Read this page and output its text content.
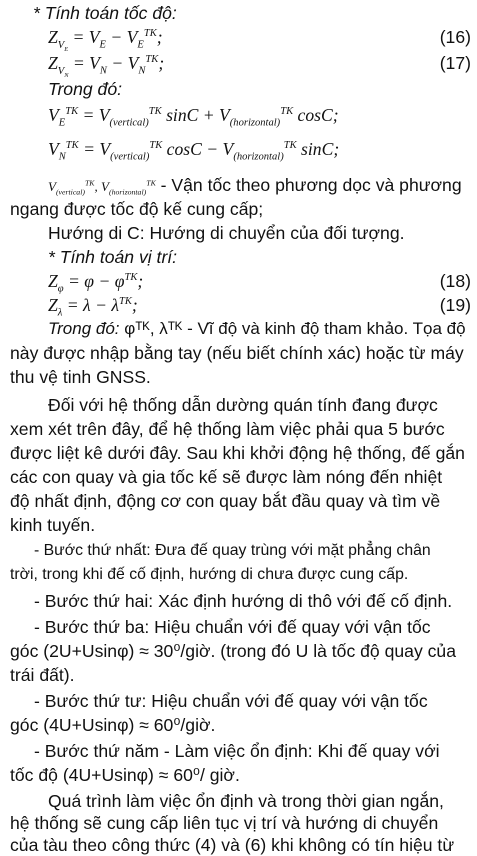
* Tính toán tốc độ:
$Z_{V_E} = V_E - V_E^{TK}$;	(16)
$Z_{V_N} = V_N - V_N^{TK}$;	(17)
Trong đó:
$V_E^{TK} = V_{(vertical)}^{TK}$ $\sin C + V_{(horizontal)}^{TK}$ cosC;
$V_N^{TK} = V_{(vertical)}^{TK}$ $\cos C - V_{(horizontal)}^{TK}$ sinC;
$V_{(vertical)}^{TK}$, $V_{(horizontal)}^{TK}$ - Vận tốc theo phương dọc và phương
ngang được tốc độ kế cung cấp;
Hướng di C: Hướng di chuyển của đối tượng.
* Tính toán vị trí:
$Z_\varphi = \varphi - \varphi^{TK}$;	(18)
$Z_\lambda = \lambda - \lambda^{TK}$;	(19)
Trong đó: φᵀᴷ, λᵀᴷ - Vĩ độ và kinh độ tham khảo. Tọa độ
này được nhập bằng tay (nếu biết chính xác) hoặc từ máy
thu vệ tinh GNSS.
Đối với hệ thống dẫn dường quán tính đang được
xem xét trên đây, để hệ thống làm việc phải qua 5 bước
được liệt kê dưới đây. Sau khi khởi động hệ thống, đế gắn
các con quay và gia tốc kế sẽ được làm nóng đến nhiệt
độ nhất định, động cơ con quay bắt đầu quay và tìm về
kinh tuyến.
- Bước thứ nhất: Đưa đế quay trùng với mặt phẳng chân
trời, trong khi đế cố định, hướng di chưa được cung cấp.
- Bước thứ hai: Xác định hướng di thô với đế cố định.
- Bước thứ ba: Hiệu chuẩn với đế quay với vận tốc
góc (2U+Usinφ) ≈ 30⁰/giờ. (trong đó U là tốc độ quay của
trái đất).
- Bước thứ tư: Hiệu chuẩn với đế quay với vận tốc
góc (4U+Usinφ) ≈ 60⁰/giờ.
- Bước thứ năm - Làm việc ổn định: Khi đế quay với
tốc độ (4U+Usinφ) ≈ 60⁰/ giờ.
Quá trình làm việc ổn định và trong thời gian ngắn,
hệ thống sẽ cung cấp liên tục vị trí và hướng di chuyển
của tàu theo công thức (4) và (6) khi không có tín hiệu từ
